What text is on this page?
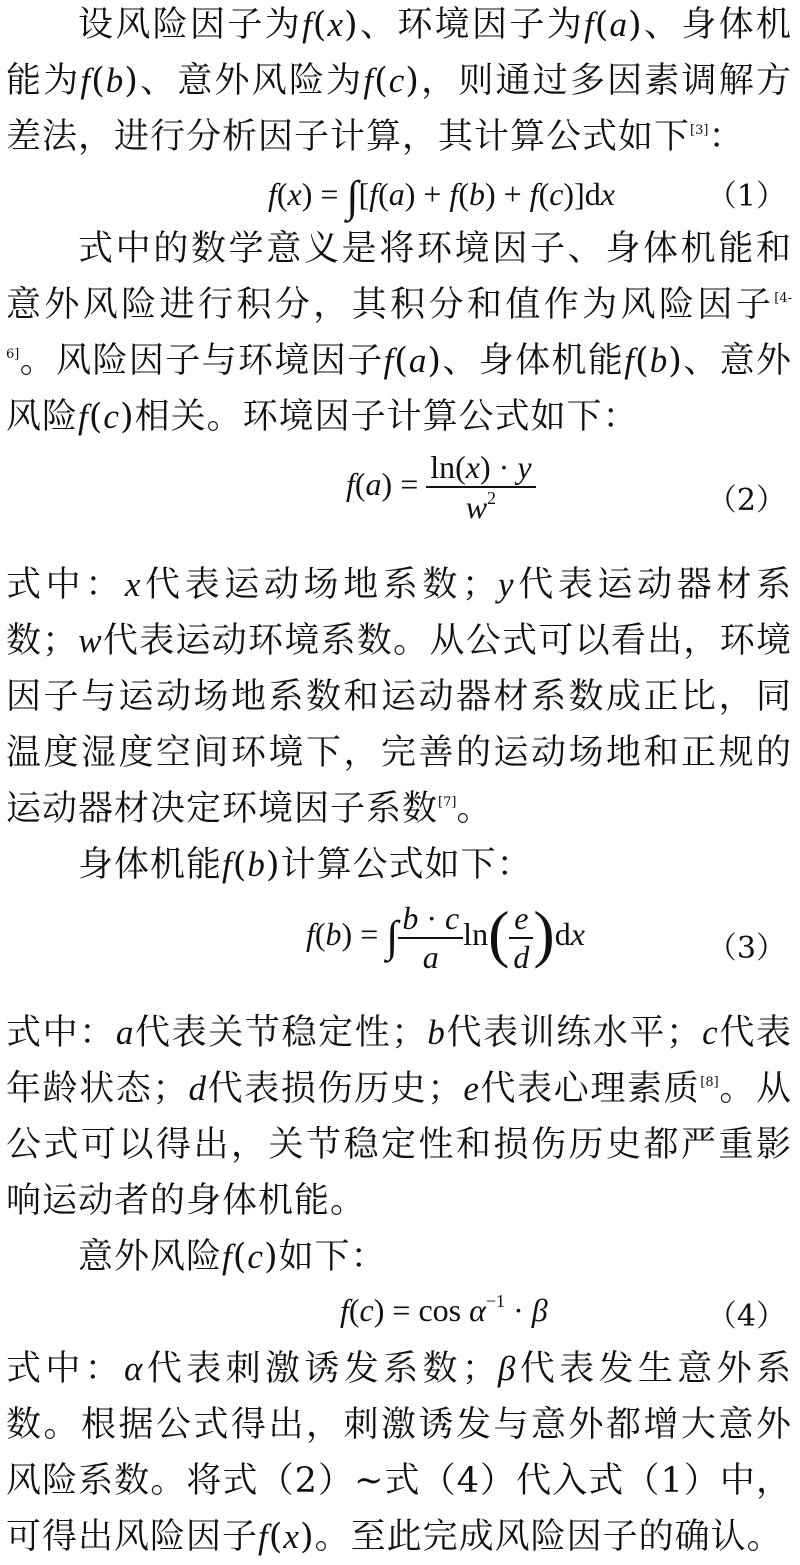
设风险因子为f(x)、环境因子为f(a)、身体机能为f(b)、意外风险为f(c)，则通过多因素调解方差法，进行分析因子计算，其计算公式如下[3]：

f(x) = ∫[f(a) + f(b) + f(c)]dx	（1）

式中的数学意义是将环境因子、身体机能和意外风险进行积分，其积分和值作为风险因子[4-6]。风险因子与环境因子f(a)、身体机能f(b)、意外风险f(c)相关。环境因子计算公式如下：

$f(a) = \frac{\ln(x) \cdot y}{w^2}$	（2）

式中：x代表运动场地系数；y代表运动器材系数；w代表运动环境系数。从公式可以看出，环境因子与运动场地系数和运动器材系数成正比，同温度湿度空间环境下，完善的运动场地和正规的运动器材决定环境因子系数[7]。

身体机能f(b)计算公式如下：

f(b) = ∫ $\frac{b \cdot c}{a} \ln( \frac{e}{d} )dx$	（3）

式中：a代表关节稳定性；b代表训练水平；c代表年龄状态；d代表损伤历史；e代表心理素质[8]。从公式可以得出，关节稳定性和损伤历史都严重影响运动者的身体机能。

意外风险f(c)如下：

$f(c) = \cos \alpha^{-1} \cdot \beta$	（4）

式中：α代表刺激诱发系数；β代表发生意外系数。根据公式得出，刺激诱发与意外都增大意外风险系数。将式（2）~式（4）代入式（1）中，可得出风险因子f(x)。至此完成风险因子的确认。
